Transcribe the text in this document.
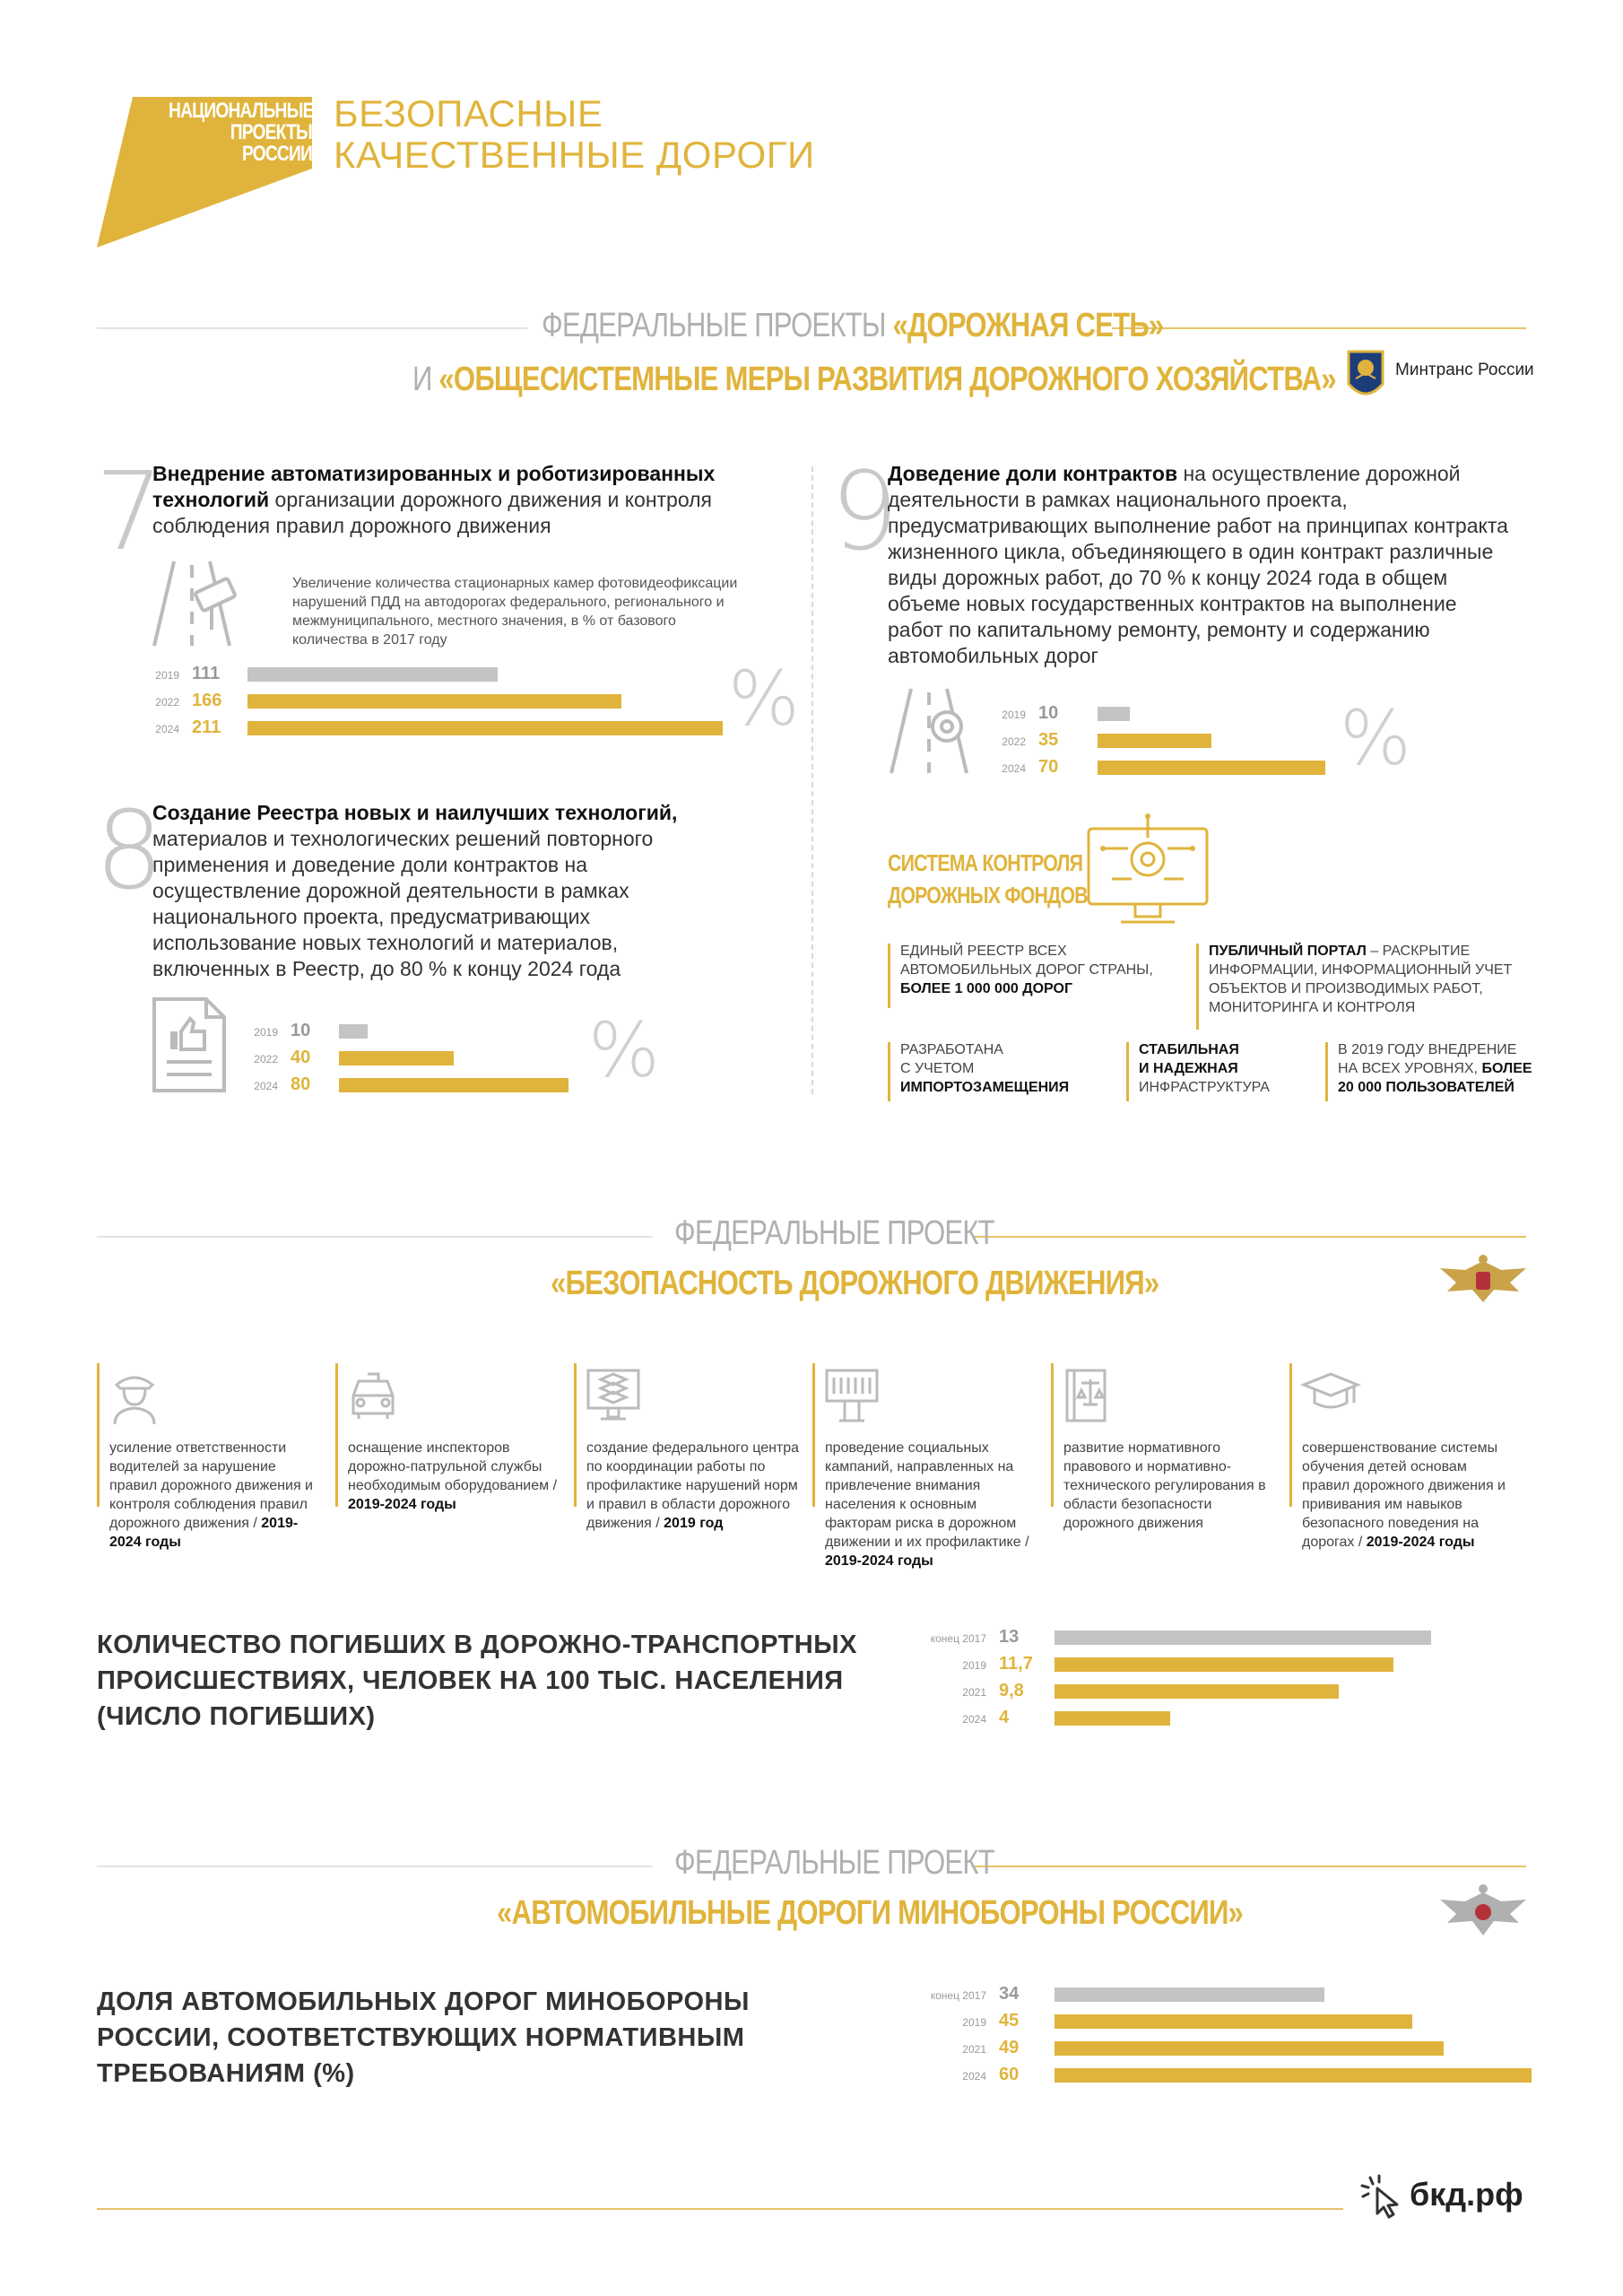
НАЦИОНАЛЬНЫЕ
ПРОЕКТЫ
РОССИИ
БЕЗОПАСНЫЕ
КАЧЕСТВЕННЫЕ ДОРОГИ
ФЕДЕРАЛЬНЫЕ ПРОЕКТЫ «ДОРОЖНАЯ СЕТЬ»
И «ОБЩЕСИСТЕМНЫЕ МЕРЫ РАЗВИТИЯ ДОРОЖНОГО ХОЗЯЙСТВА»	Минтранс России
7
Внедрение автоматизированных и роботизированных технологий организации дорожного движения и контроля соблюдения правил дорожного движения
Увеличение количества стационарных камер фотовидеофиксации нарушений ПДД на автодорогах федерального, регионального и межмуниципального, местного значения, в % от базового количества в 2017 году
%
2019 111
2022 166
2024 211
8
Создание Реестра новых и наилучших технологий, материалов и технологических решений повторного применения и доведение доли контрактов на осуществление дорожной деятельности в рамках национального проекта, предусматривающих использование новых технологий и материалов, включенных в Реестр, до 80 % к концу 2024 года
%
2019 10
2022 40
2024 80
9
Доведение доли контрактов на осуществление дорожной деятельности в рамках национального проекта, предусматривающих выполнение работ на принципах контракта жизненного цикла, объединяющего в один контракт различные виды дорожных работ, до 70 % к концу 2024 года в общем объеме новых государственных контрактов на выполнение работ по капитальному ремонту, ремонту и содержанию автомобильных дорог
%
2019 10
2022 35
2024 70
СИСТЕМА КОНТРОЛЯ
ДОРОЖНЫХ ФОНДОВ
ЕДИНЫЙ РЕЕСТР ВСЕХ
АВТОМОБИЛЬНЫХ ДОРОГ СТРАНЫ,
БОЛЕЕ 1 000 000 ДОРОГ
ПУБЛИЧНЫЙ ПОРТАЛ – РАСКРЫТИЕ ИНФОРМАЦИИ, ИНФОРМАЦИОННЫЙ УЧЕТ ОБЪЕКТОВ И ПРОИЗВОДИМЫХ РАБОТ, МОНИТОРИНГА И КОНТРОЛЯ
РАЗРАБОТАНА
С УЧЕТОМ
ИМПОРТОЗАМЕЩЕНИЯ
СТАБИЛЬНАЯ
И НАДЕЖНАЯ
ИНФРАСТРУКТУРА
В 2019 ГОДУ ВНЕДРЕНИЕ
НА ВСЕХ УРОВНЯХ, БОЛЕЕ
20 000 ПОЛЬЗОВАТЕЛЕЙ
ФЕДЕРАЛЬНЫЕ ПРОЕКТ
«БЕЗОПАСНОСТЬ ДОРОЖНОГО ДВИЖЕНИЯ»
усиление ответственности водителей за нарушение правил дорожного движения и контроля соблюдения правил дорожного движения / 2019-2024 годы
оснащение инспекторов дорожно-патрульной службы необходимым оборудованием / 2019-2024 годы
создание федерального центра по координации работы по профилактике нарушений норм и правил в области дорожного движения / 2019 год
проведение социальных кампаний, направленных на привлечение внимания населения к основным факторам риска в дорожном движении и их профилактике / 2019-2024 годы
развитие нормативного правового и нормативно-технического регулирования в области безопасности дорожного движения
совершенствование системы обучения детей основам правил дорожного движения и прививания им навыков безопасного поведения на дорогах / 2019-2024 годы
КОЛИЧЕСТВО ПОГИБШИХ В ДОРОЖНО-ТРАНСПОРТНЫХ
ПРОИСШЕСТВИЯХ, ЧЕЛОВЕК НА 100 ТЫС. НАСЕЛЕНИЯ
(ЧИСЛО ПОГИБШИХ)
конец 2017 13
2019 11,7
2021 9,8
2024 4
ФЕДЕРАЛЬНЫЕ ПРОЕКТ
«АВТОМОБИЛЬНЫЕ ДОРОГИ МИНОБОРОНЫ РОССИИ»
ДОЛЯ АВТОМОБИЛЬНЫХ ДОРОГ МИНОБОРОНЫ
РОССИИ, СООТВЕТСТВУЮЩИХ НОРМАТИВНЫМ
ТРЕБОВАНИЯМ (%)
конец 2017 34
2019 45
2021 49
2024 60
бкд.рф
